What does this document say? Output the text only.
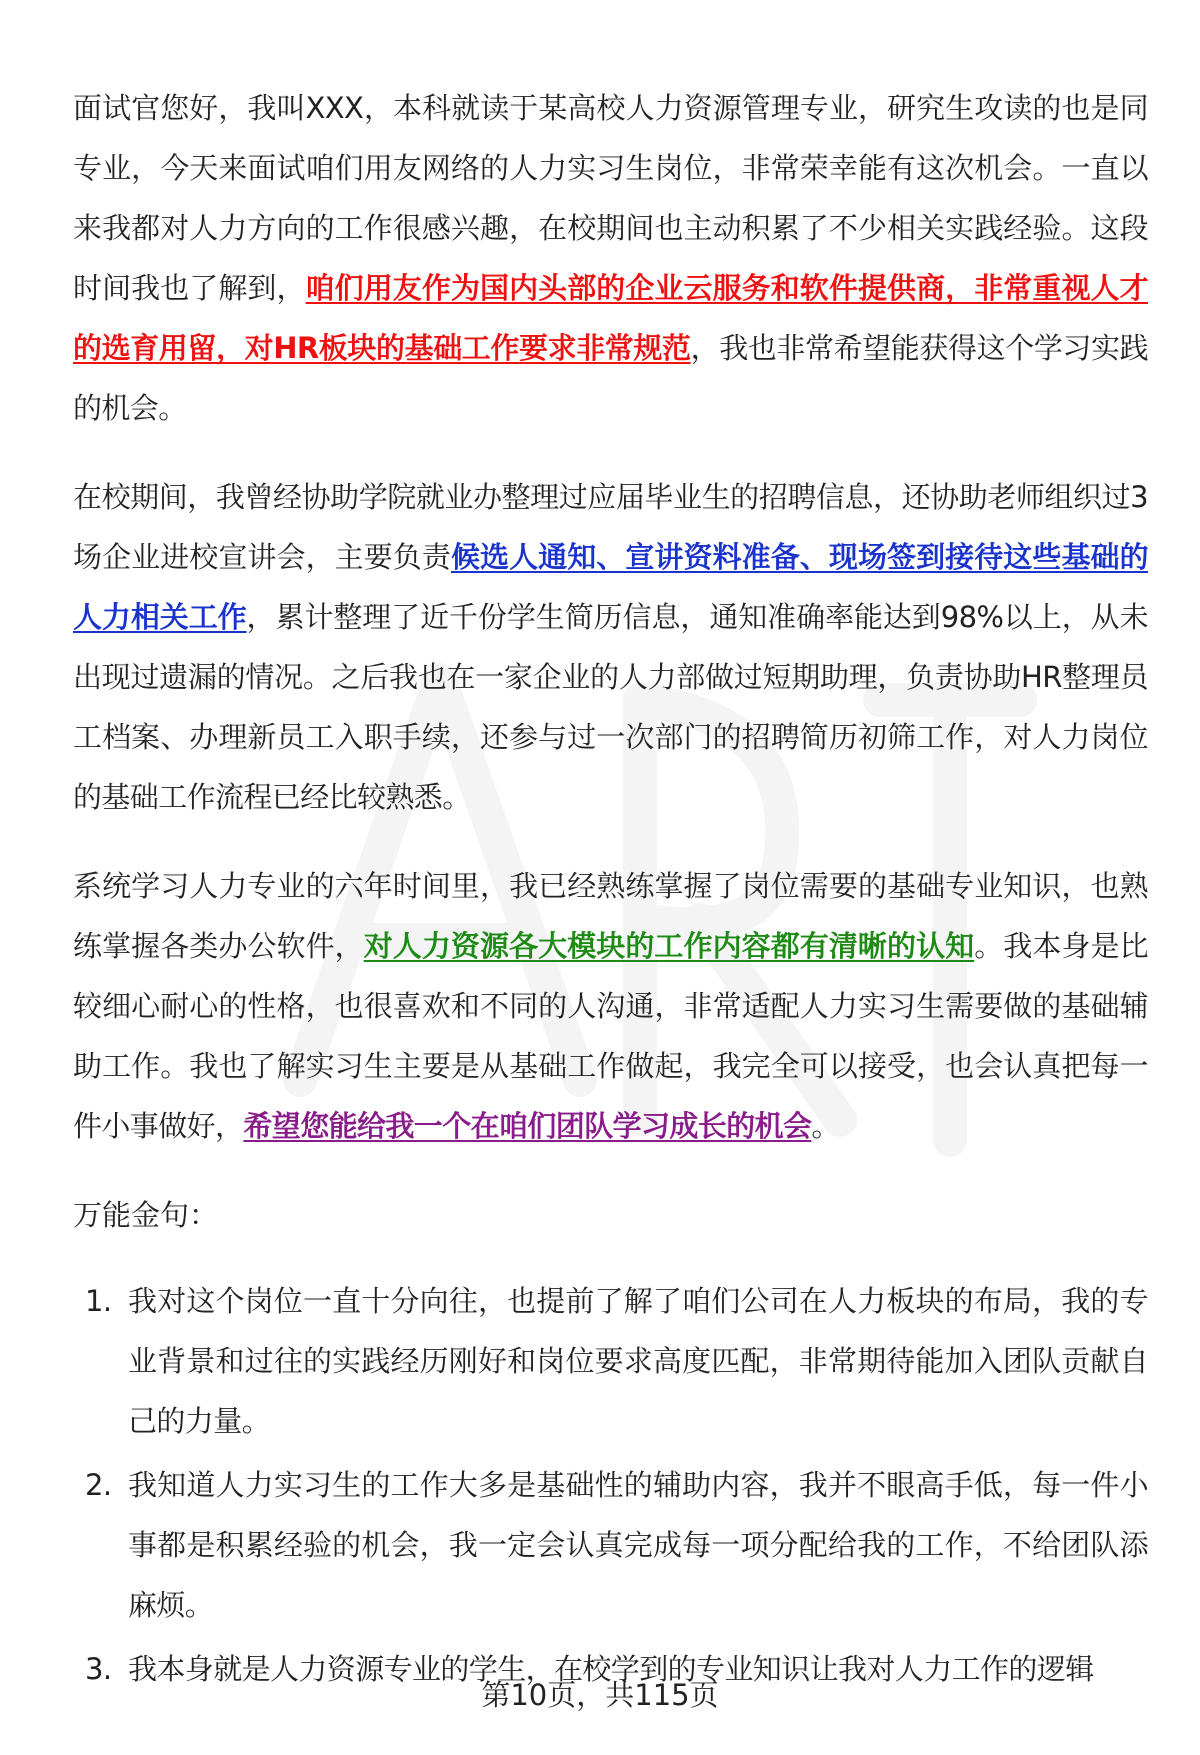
面试官您好，我叫XXX，本科就读于某高校人力资源管理专业，研究生攻读的也是同专业，今天来面试咱们用友网络的人力实习生岗位，非常荣幸能有这次机会。一直以来我都对人力方向的工作很感兴趣，在校期间也主动积累了不少相关实践经验。这段时间我也了解到，咱们用友作为国内头部的企业云服务和软件提供商，非常重视人才的选育用留，对HR板块的基础工作要求非常规范，我也非常希望能获得这个学习实践的机会。

在校期间，我曾经协助学院就业办整理过应届毕业生的招聘信息，还协助老师组织过3场企业进校宣讲会，主要负责候选人通知、宣讲资料准备、现场签到接待这些基础的人力相关工作，累计整理了近千份学生简历信息，通知准确率能达到98%以上，从未出现过遗漏的情况。之后我也在一家企业的人力部做过短期助理，负责协助HR整理员工档案、办理新员工入职手续，还参与过一次部门的招聘简历初筛工作，对人力岗位的基础工作流程已经比较熟悉。

系统学习人力专业的六年时间里，我已经熟练掌握了岗位需要的基础专业知识，也熟练掌握各类办公软件，对人力资源各大模块的工作内容都有清晰的认知。我本身是比较细心耐心的性格，也很喜欢和不同的人沟通，非常适配人力实习生需要做的基础辅助工作。我也了解实习生主要是从基础工作做起，我完全可以接受，也会认真把每一件小事做好，希望您能给我一个在咱们团队学习成长的机会。

万能金句：
1. 我对这个岗位一直十分向往，也提前了解了咱们公司在人力板块的布局，我的专业背景和过往的实践经历刚好和岗位要求高度匹配，非常期待能加入团队贡献自己的力量。
2. 我知道人力实习生的工作大多是基础性的辅助内容，我并不眼高手低，每一件小事都是积累经验的机会，我一定会认真完成每一项分配给我的工作，不给团队添麻烦。
3. 我本身就是人力资源专业的学生，在校学到的专业知识让我对人力工作的逻辑
第10页，共115页
